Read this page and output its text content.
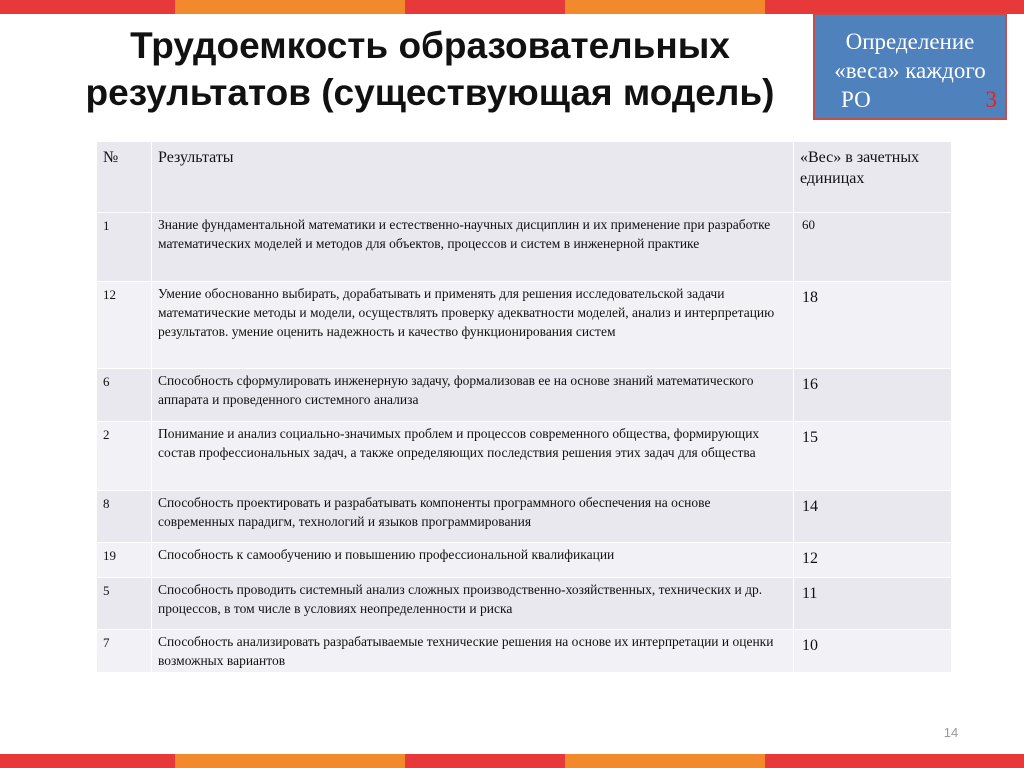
Трудоемкость образовательных
результатов (существующая модель)
Определение
«веса» каждого
РО	3
№	Результаты	«Вес» в зачетных единицах
1	Знание фундаментальной математики и естественно-научных дисциплин и их применение при разработке математических моделей и методов для объектов, процессов и систем в инженерной практике	60
12	Умение обоснованно выбирать, дорабатывать и применять для решения исследовательской задачи математические методы и модели, осуществлять проверку адекватности моделей, анализ и интерпретацию результатов. умение оценить надежность и качество функционирования систем	18
6	Способность сформулировать инженерную задачу, формализовав ее на основе знаний математического аппарата и проведенного системного анализа	16
2	Понимание и анализ социально-значимых проблем и процессов современного общества, формирующих состав профессиональных задач, а также определяющих последствия решения этих задач для общества	15
8	Способность проектировать и разрабатывать компоненты программного обеспечения на основе современных парадигм, технологий и языков программирования	14
19	Способность к самообучению и повышению профессиональной квалификации	12
5	Способность проводить системный анализ сложных производственно-хозяйственных, технических и др. процессов, в том числе в условиях неопределенности и риска	11
7	Способность анализировать разрабатываемые технические решения на основе их интерпретации и оценки возможных вариантов	10
14
